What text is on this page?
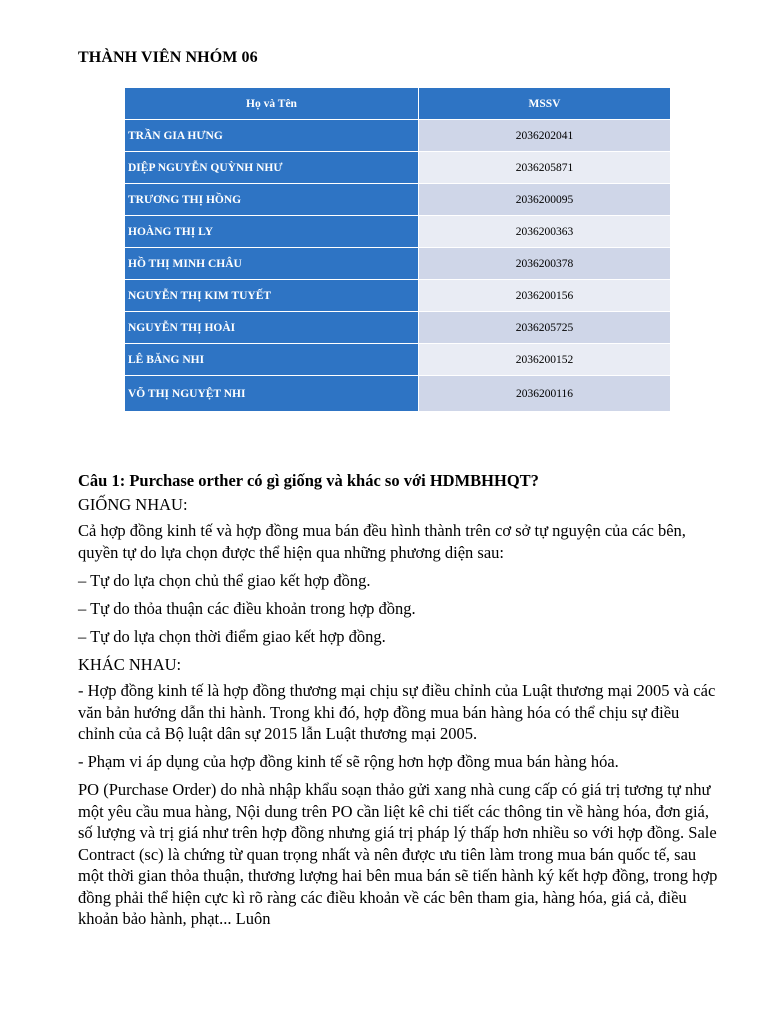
THÀNH VIÊN NHÓM 06
Họ và Tên	MSSV
TRẦN GIA HƯNG	2036202041
DIỆP NGUYỄN QUỲNH NHƯ	2036205871
TRƯƠNG THỊ HỒNG	2036200095
HOÀNG THỊ LY	2036200363
HỒ THỊ MINH CHÂU	2036200378
NGUYỄN THỊ KIM TUYẾT	2036200156
NGUYỄN THỊ HOÀI	2036205725
LÊ BĂNG NHI	2036200152
VÕ THỊ NGUYỆT NHI	2036200116

Câu 1: Purchase orther có gì giống và khác so với HDMBHHQT?

GIỐNG NHAU:

Cả hợp đồng kinh tế và hợp đồng mua bán đều hình thành trên cơ sở tự nguyện của các bên, quyền tự do lựa chọn được thể hiện qua những phương diện sau:

– Tự do lựa chọn chủ thể giao kết hợp đồng.

– Tự do thỏa thuận các điều khoản trong hợp đồng.

– Tự do lựa chọn thời điểm giao kết hợp đồng.

KHÁC NHAU:

- Hợp đồng kinh tế là hợp đồng thương mại chịu sự điều chỉnh của Luật thương mại 2005 và các văn bản hướng dẫn thi hành. Trong khi đó, hợp đồng mua bán hàng hóa có thể chịu sự điều chỉnh của cả Bộ luật dân sự 2015 lẫn Luật thương mại 2005.

- Phạm vi áp dụng của hợp đồng kinh tế sẽ rộng hơn hợp đồng mua bán hàng hóa.

PO (Purchase Order) do nhà nhập khẩu soạn thảo gửi xang nhà cung cấp có giá trị tương tự như một yêu cầu mua hàng, Nội dung trên PO cần liệt kê chi tiết các thông tin về hàng hóa, đơn giá, số lượng và trị giá như trên hợp đồng nhưng giá trị pháp lý thấp hơn nhiều so với hợp đồng. Sale Contract (sc) là chứng từ quan trọng nhất và nên được ưu tiên làm trong mua bán quốc tế, sau một thời gian thỏa thuận, thương lượng hai bên mua bán sẽ tiến hành ký kết hợp đồng, trong hợp đồng phải thể hiện cực kì rõ ràng các điều khoản về các bên tham gia, hàng hóa, giá cả, điều khoản bảo hành, phạt... Luôn
